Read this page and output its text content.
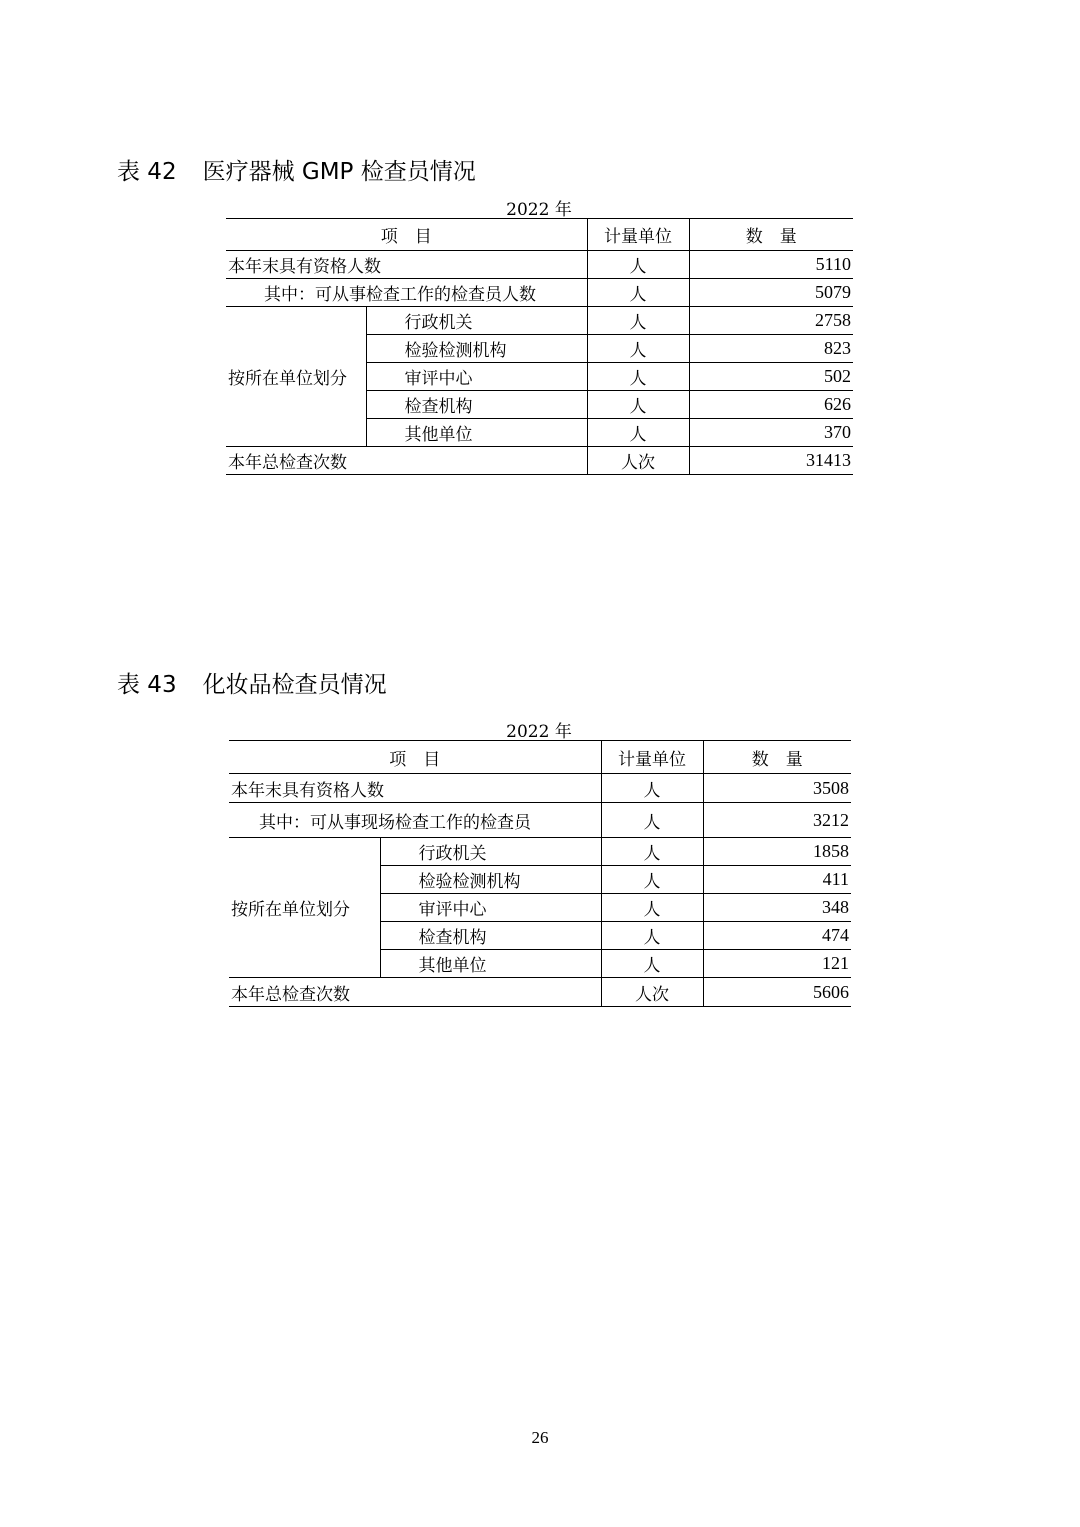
表 42 医疗器械 GMP 检查员情况
2022 年
项　目		计量单位	数　量
本年末具有资格人数		人	5110
其中：可从事检查工作的检查员人数		人	5079
按所在单位划分	行政机关	人	2758
	检验检测机构	人	823
	审评中心	人	502
	检查机构	人	626
	其他单位	人	370
本年总检查次数		人次	31413
表 43 化妆品检查员情况
2022 年
项　目		计量单位	数　量
本年末具有资格人数		人	3508
其中：可从事现场检查工作的检查员		人	3212
按所在单位划分	行政机关	人	1858
	检验检测机构	人	411
	审评中心	人	348
	检查机构	人	474
	其他单位	人	121
本年总检查次数		人次	5606
26
